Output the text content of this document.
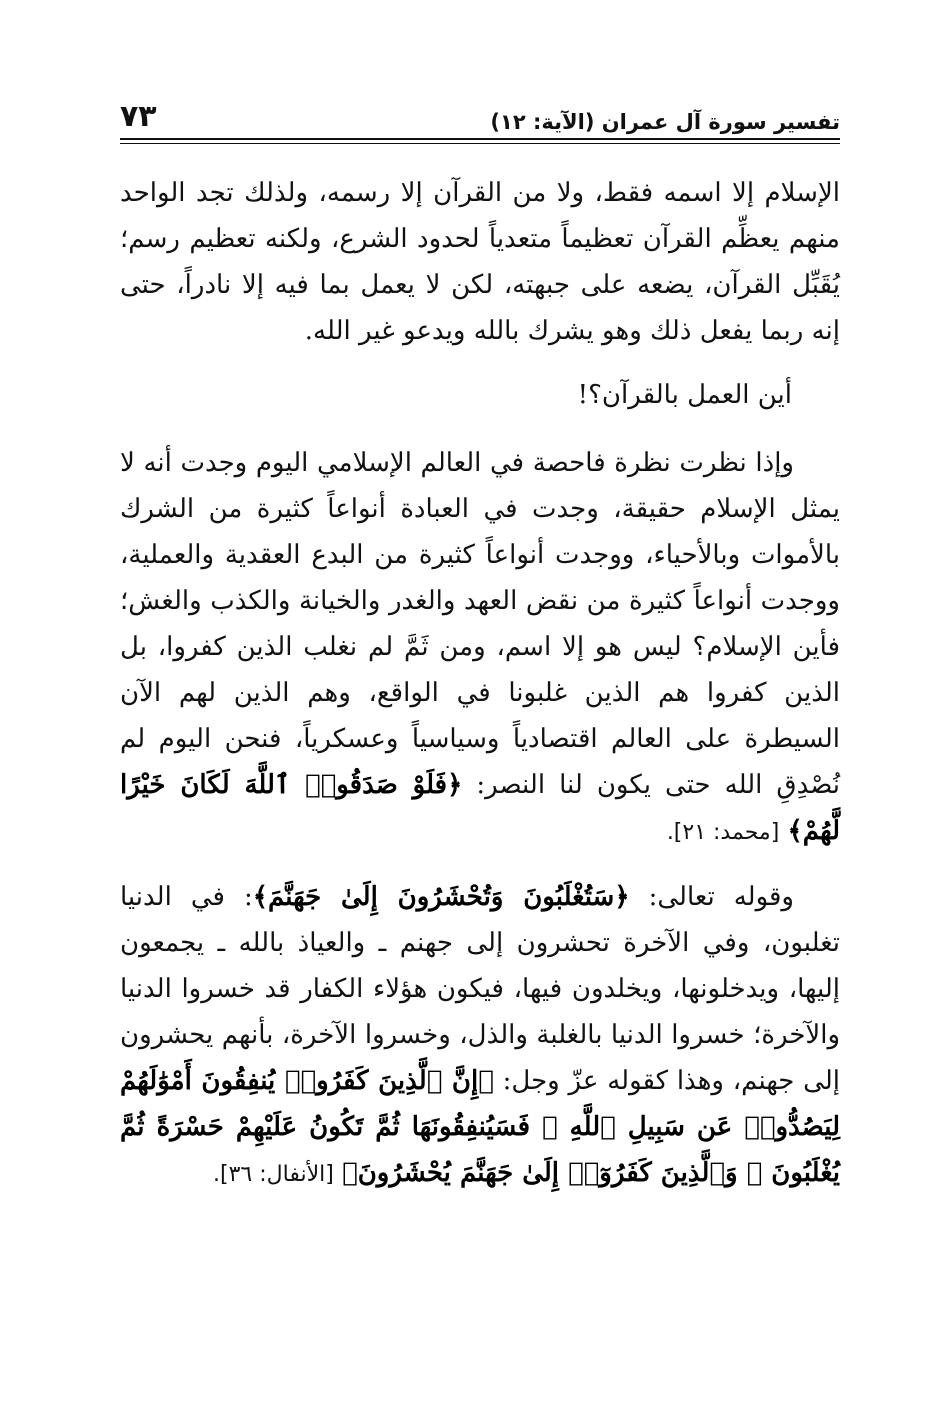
تفسير سورة آل عمران (الآية: ١٢)
٧٣

الإسلام إلا اسمه فقط، ولا من القرآن إلا رسمه، ولذلك تجد الواحد منهم يعظِّم القرآن تعظيماً متعدياً لحدود الشرع، ولكنه تعظيم رسم؛ يُقَبِّل القرآن، يضعه على جبهته، لكن لا يعمل بما فيه إلا نادراً، حتى إنه ربما يفعل ذلك وهو يشرك بالله ويدعو غير الله.

أين العمل بالقرآن؟!

وإذا نظرت نظرة فاحصة في العالم الإسلامي اليوم وجدت أنه لا يمثل الإسلام حقيقة، وجدت في العبادة أنواعاً كثيرة من الشرك بالأموات وبالأحياء، ووجدت أنواعاً كثيرة من البدع العقدية والعملية، ووجدت أنواعاً كثيرة من نقض العهد والغدر والخيانة والكذب والغش؛ فأين الإسلام؟ ليس هو إلا اسم، ومن ثَمَّ لم نغلب الذين كفروا، بل الذين كفروا هم الذين غلبونا في الواقع، وهم الذين لهم الآن السيطرة على العالم اقتصادياً وسياسياً وعسكرياً، فنحن اليوم لم نُصْدِقِ الله حتى يكون لنا النصر: ﴿فَلَوْ صَدَقُوا۟ ٱللَّهَ لَكَانَ خَيْرًا لَّهُمْ﴾ [محمد: ٢١].

وقوله تعالى: ﴿سَتُغْلَبُونَ وَتُحْشَرُونَ إِلَىٰ جَهَنَّمَ﴾: في الدنيا تغلبون، وفي الآخرة تحشرون إلى جهنم ـ والعياذ بالله ـ يجمعون إليها، ويدخلونها، ويخلدون فيها، فيكون هؤلاء الكفار قد خسروا الدنيا والآخرة؛ خسروا الدنيا بالغلبة والذل، وخسروا الآخرة، بأنهم يحشرون إلى جهنم، وهذا كقوله عزّ وجل: ﴿إِنَّ ٱلَّذِينَ كَفَرُوا۟ يُنفِقُونَ أَمْوَٰلَهُمْ لِيَصُدُّوا۟ عَن سَبِيلِ ٱللَّهِ ۚ فَسَيُنفِقُونَهَا ثُمَّ تَكُونُ عَلَيْهِمْ حَسْرَةً ثُمَّ يُغْلَبُونَ ۗ وَٱلَّذِينَ كَفَرُوٓا۟ إِلَىٰ جَهَنَّمَ يُحْشَرُونَ﴾ [الأنفال: ٣٦].
